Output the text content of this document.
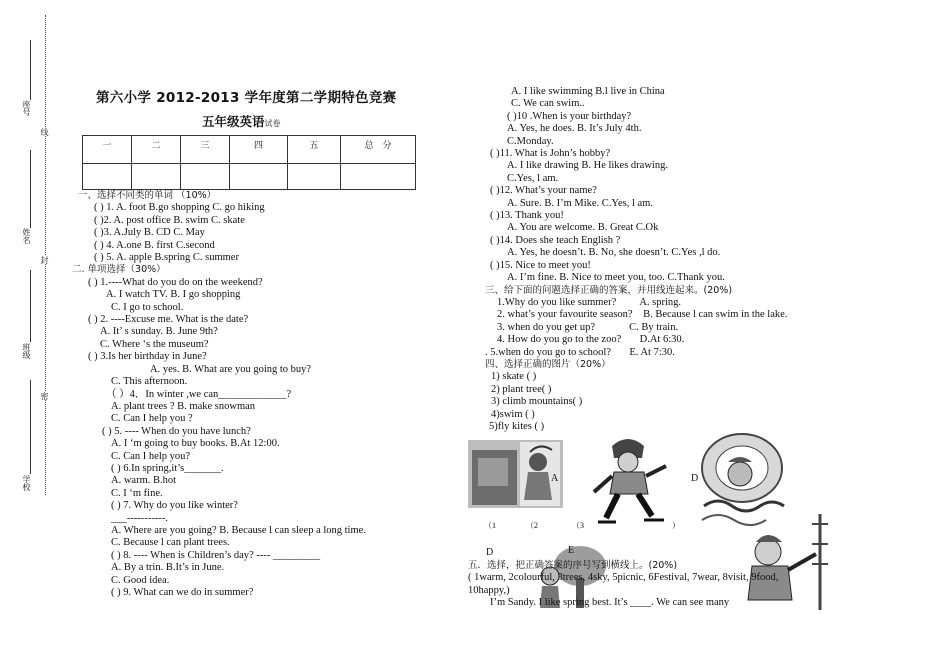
座号
姓名
班级
学校
线
封
密
第六小学 2012-2013 学年度第二学期特色竞赛
五年级英语试卷
一	二	三	四	五	总　分

一、选择不同类的单词 （10%）
( ) 1. A. foot B.go shopping C. go hiking
( )2. A. post office B. swim C. skate
( )3. A.July B. CD C. May
( ) 4. A.one B. first C.second
( ) 5. A. apple B.spring C. summer
二. 单项选择（30%）
( ) 1.----What do you do on the weekend?
A. I watch TV. B. I go shopping
C. I go to school.
( ) 2. ----Excuse me. What is the date?
A. It’ s sunday. B. June 9th?
C. Where ‘s the museum?
( ) 3.Is her birthday in June?
A. yes. B. What are you going to buy?
C. This afternoon.
（ ）4．In winter ,we can_____________?
A. plant trees ? B. make snowman
C. Can I help you ?
( ) 5. ---- When do you have lunch?
A. I ‘m going to buy books. B.At 12:00.
C. Can I help you?
( ) 6.In spring,it’s_______.
A. warm. B.hot
C. I ‘m fine.
( ) 7. Why do you like winter?
___-----------.
A. Where are you going? B. Because l can sleep a long time.
C. Because l can plant trees.
( ) 8. ---- When is Children’s day? ---- _________
A. By a trin. B.It’s in June.
C. Good idea.
( ) 9. What can we do in summer?
A. I like swimming B.l live in China
C. We can swim..
( )10 .When is your birthday?
A. Yes, he does. B. It’s July 4th.
C.Monday.
( )11. What is John’s hobby?
A. I like drawing B. He likes drawing.
C.Yes, l am.
( )12. What’s your name?
A. Sure. B. I’m Mike. C.Yes, l am.
( )13. Thank you!
A. You are welcome. B. Great C.Ok
( )14. Does she teach English ?
A. Yes, he doesn’t. B. No, she doesn’t. C.Yes ,l do.
( )15. Nice to meet you!
A. I’m fine. B. Nice to meet you, too. C.Thank you.
三、给下面的问题选择正确的答案，并用线连起来。(20%)
1.Why do you like summer?         A. spring.
2. what’s your favourite season?    B. Because l can swim in the lake.
3. when do you get up?             C. By train.
4. How do you go to the zoo?       D.At 6:30.
. 5.when do you go to school?       E. At 7:30.
四、选择正确的图片（20%）
1) skate ( )
2) plant tree( )
3) climb mountains( )
4)swim ( )
5)fly kites ( )
A	D
（1	（2	（3	）
D	E
五．选择，把正确答案的序号写到横线上。(20%)
( 1warm, 2colourful, 3trees, 4sky, 5picnic, 6Festival, 7wear, 8visit, 9food,
10happy,)
I’m Sandy. I like spring best. It’s ____. We can see many
